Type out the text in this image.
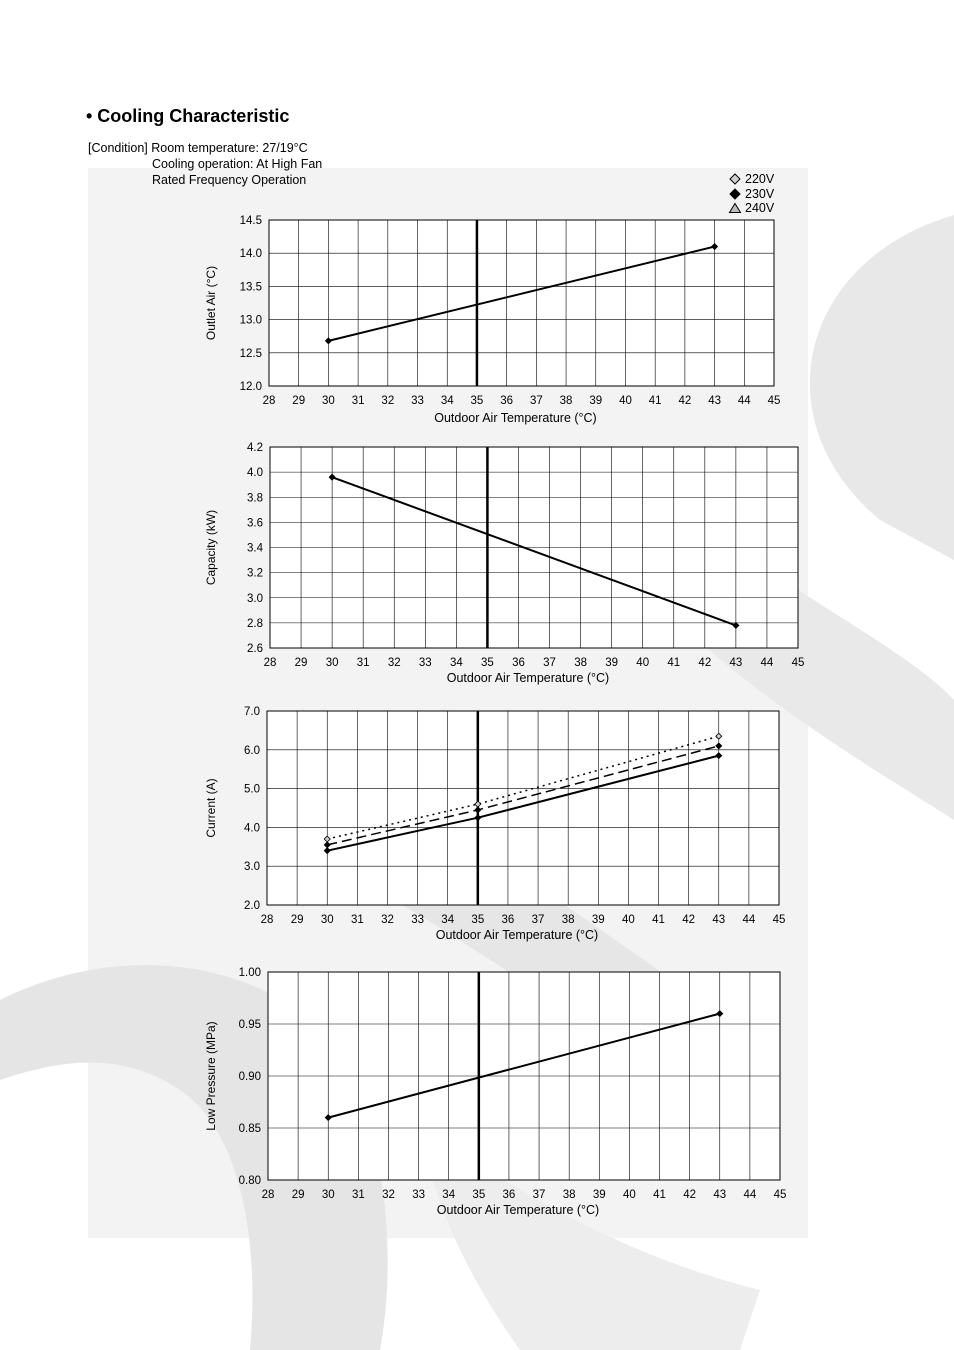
• Cooling Characteristic
[Condition] Room temperature: 27/19°C
Cooling operation: At High Fan
Rated Frequency Operation	220V
230V
240V
12.0
12.5
13.0
13.5
14.0
14.5
28 29 30 31 32 33 34 35 36 37 38 39 40 41 42 43 44 45
Outlet Air (°C)
Outdoor Air Temperature (°C)
2.6
2.8
3.0
3.2
3.4
3.6
3.8
4.0
4.2
28 29 30 31 32 33 34 35 36 37 38 39 40 41 42 43 44 45
Capacity (kW)
Outdoor Air Temperature (°C)
2.0
3.0
4.0
5.0
6.0
7.0
28 29 30 31 32 33 34 35 36 37 38 39 40 41 42 43 44 45
Current (A)
Outdoor Air Temperature (°C)
0.80
0.85
0.90
0.95
1.00
28 29 30 31 32 33 34 35 36 37 38 39 40 41 42 43 44 45
Low Pressure (MPa)
Outdoor Air Temperature (°C)
